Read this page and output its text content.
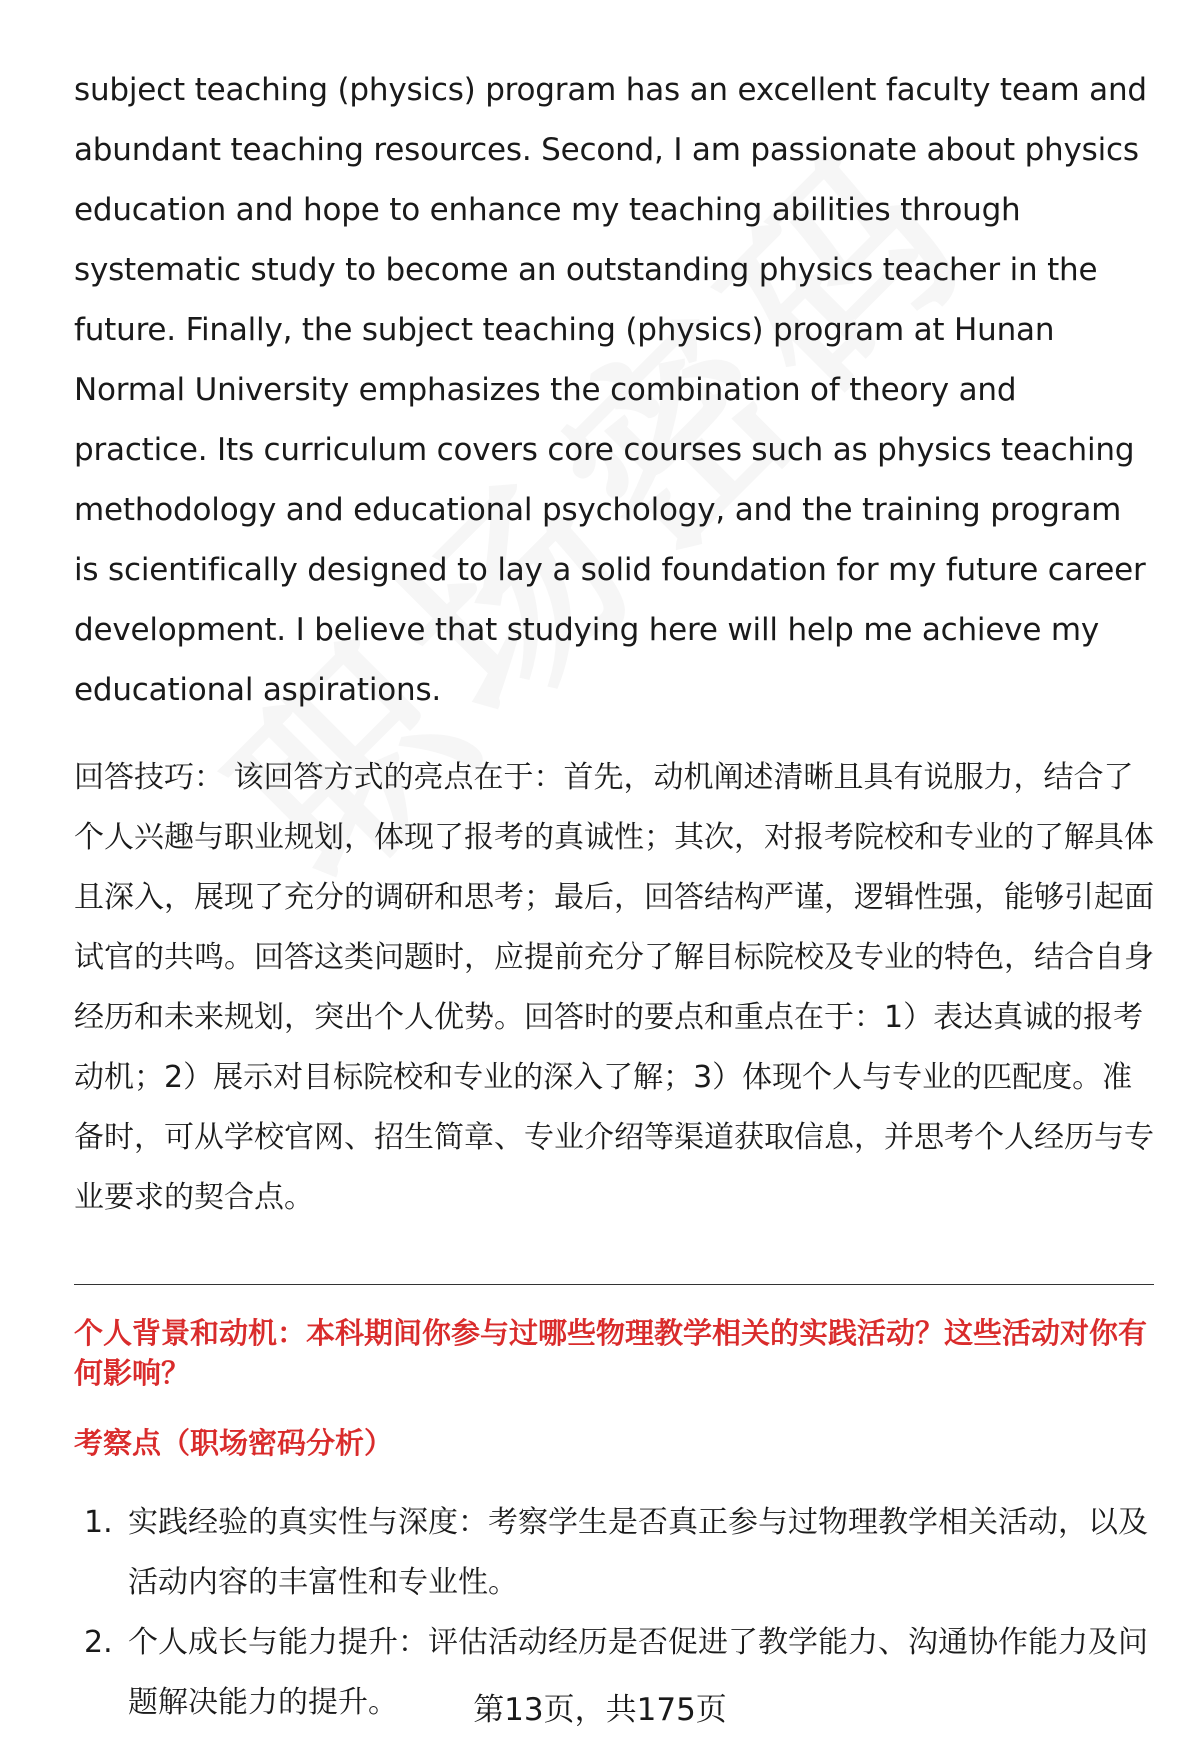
subject teaching (physics) program has an excellent faculty team and abundant teaching resources. Second, I am passionate about physics education and hope to enhance my teaching abilities through systematic study to become an outstanding physics teacher in the future. Finally, the subject teaching (physics) program at Hunan Normal University emphasizes the combination of theory and practice. Its curriculum covers core courses such as physics teaching methodology and educational psychology, and the training program is scientifically designed to lay a solid foundation for my future career development. I believe that studying here will help me achieve my educational aspirations.

回答技巧： 该回答方式的亮点在于：首先，动机阐述清晰且具有说服力，结合了个人兴趣与职业规划，体现了报考的真诚性；其次，对报考院校和专业的了解具体且深入，展现了充分的调研和思考；最后，回答结构严谨，逻辑性强，能够引起面试官的共鸣。回答这类问题时，应提前充分了解目标院校及专业的特色，结合自身经历和未来规划，突出个人优势。回答时的要点和重点在于：1）表达真诚的报考动机；2）展示对目标院校和专业的深入了解；3）体现个人与专业的匹配度。准备时，可从学校官网、招生简章、专业介绍等渠道获取信息，并思考个人经历与专业要求的契合点。

个人背景和动机：本科期间你参与过哪些物理教学相关的实践活动？这些活动对你有何影响？
考察点（职场密码分析）
1. 实践经验的真实性与深度：考察学生是否真正参与过物理教学相关活动，以及活动内容的丰富性和专业性。
2. 个人成长与能力提升：评估活动经历是否促进了教学能力、沟通协作能力及问题解决能力的提升。	第13页，共175页
